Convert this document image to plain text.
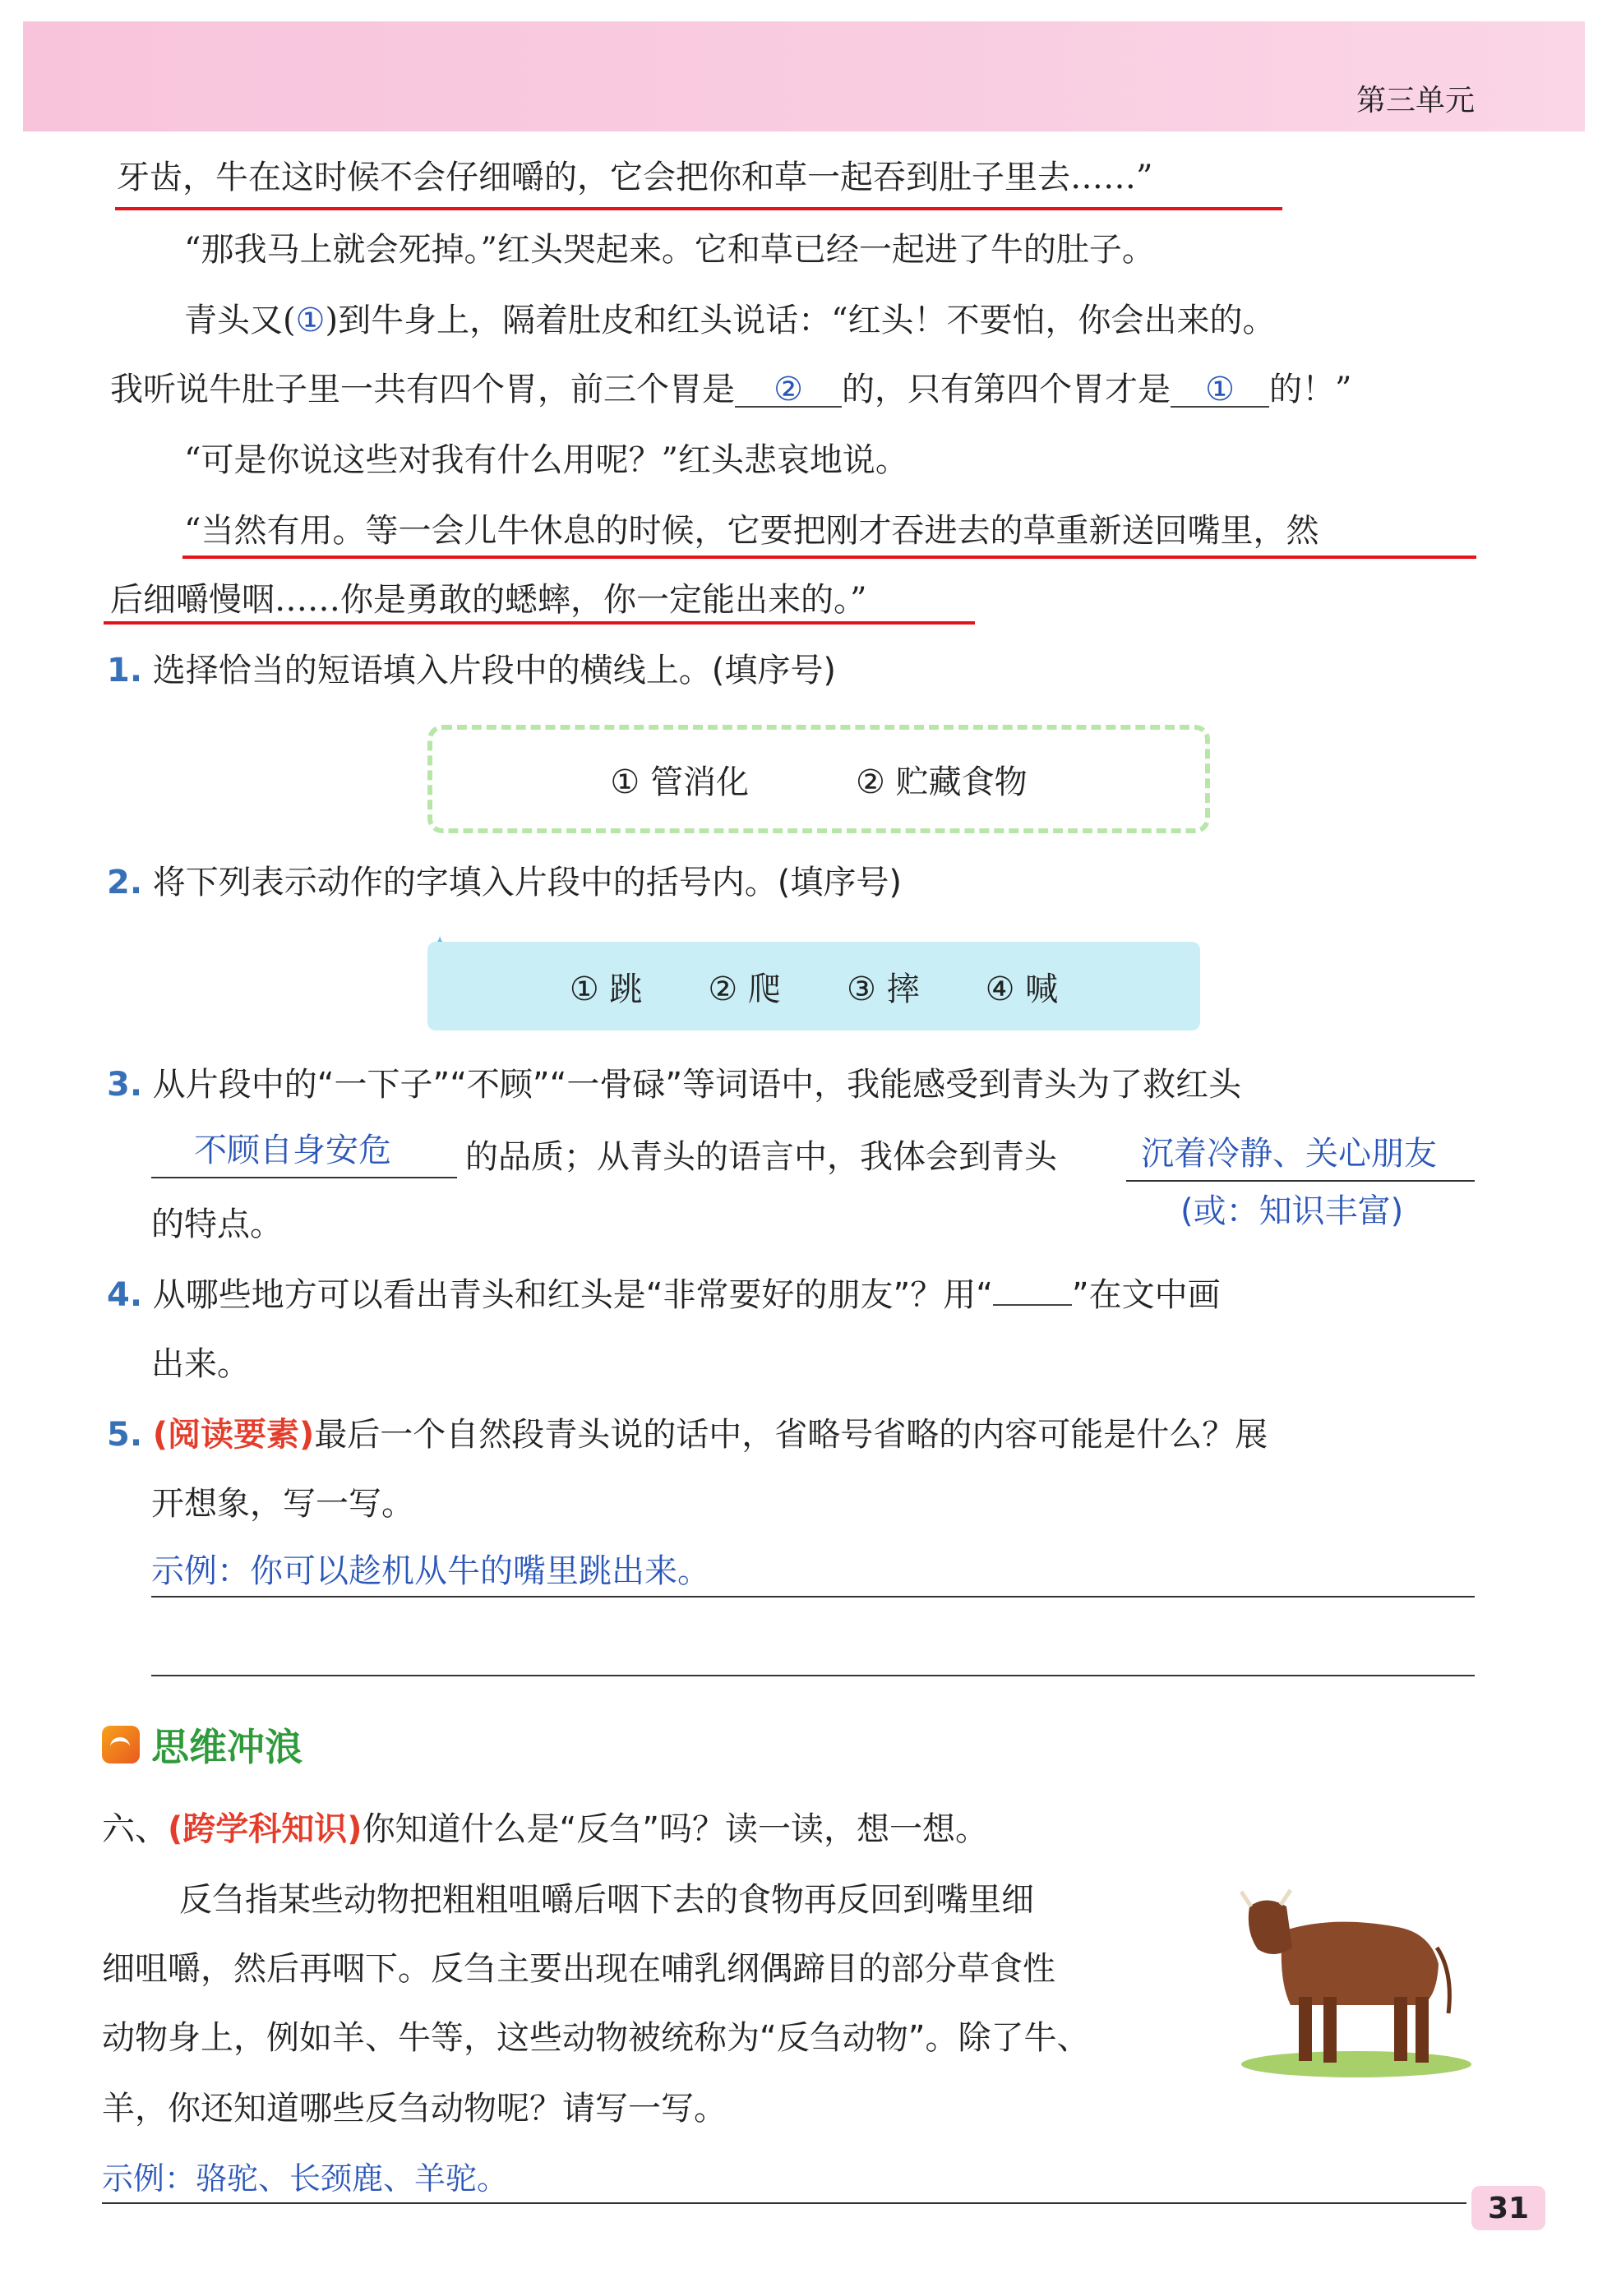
第三单元
牙齿，牛在这时候不会仔细嚼的，它会把你和草一起吞到肚子里去……”
“那我马上就会死掉。”红头哭起来。它和草已经一起进了牛的肚子。
青头又(①)到牛身上，隔着肚皮和红头说话：“红头！不要怕，你会出来的。
我听说牛肚子里一共有四个胃，前三个胃是 ② 的，只有第四个胃才是 ① 的！”
“可是你说这些对我有什么用呢？”红头悲哀地说。
“当然有用。等一会儿牛休息的时候，它要把刚才吞进去的草重新送回嘴里，然
后细嚼慢咽……你是勇敢的蟋蟀，你一定能出来的。”
1. 选择恰当的短语填入片段中的横线上。(填序号)
① 管消化	② 贮藏食物
2. 将下列表示动作的字填入片段中的括号内。(填序号)
① 跳 ② 爬 ③ 摔 ④ 喊
3. 从片段中的“一下子”“不顾”“一骨碌”等词语中，我能感受到青头为了救红头
不顾自身安危 的品质；从青头的语言中，我体会到青头	沉着冷静、关心朋友
(或：知识丰富)
的特点。
4. 从哪些地方可以看出青头和红头是“非常要好的朋友”？用“ ”在文中画
出来。
5. (阅读要素)最后一个自然段青头说的话中，省略号省略的内容可能是什么？展
开想象，写一写。
示例：你可以趁机从牛的嘴里跳出来。
思维冲浪
六、(跨学科知识)你知道什么是“反刍”吗？读一读，想一想。
反刍指某些动物把粗粗咀嚼后咽下去的食物再反回到嘴里细
细咀嚼，然后再咽下。反刍主要出现在哺乳纲偶蹄目的部分草食性
动物身上，例如羊、牛等，这些动物被统称为“反刍动物”。除了牛、
羊，你还知道哪些反刍动物呢？请写一写。
示例：骆驼、长颈鹿、羊驼。
31
